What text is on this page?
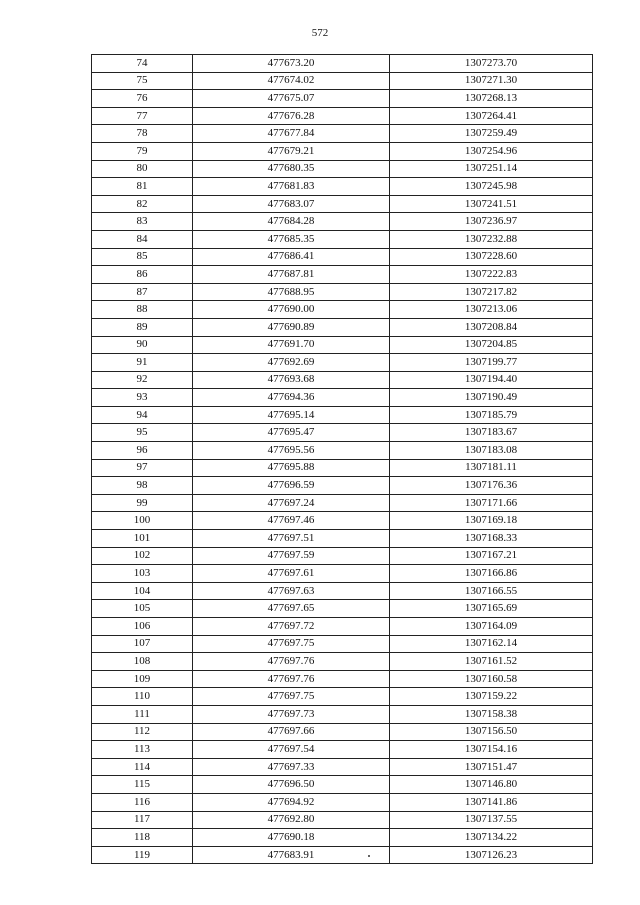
572
74	477673.20	1307273.70
75	477674.02	1307271.30
76	477675.07	1307268.13
77	477676.28	1307264.41
78	477677.84	1307259.49
79	477679.21	1307254.96
80	477680.35	1307251.14
81	477681.83	1307245.98
82	477683.07	1307241.51
83	477684.28	1307236.97
84	477685.35	1307232.88
85	477686.41	1307228.60
86	477687.81	1307222.83
87	477688.95	1307217.82
88	477690.00	1307213.06
89	477690.89	1307208.84
90	477691.70	1307204.85
91	477692.69	1307199.77
92	477693.68	1307194.40
93	477694.36	1307190.49
94	477695.14	1307185.79
95	477695.47	1307183.67
96	477695.56	1307183.08
97	477695.88	1307181.11
98	477696.59	1307176.36
99	477697.24	1307171.66
100	477697.46	1307169.18
101	477697.51	1307168.33
102	477697.59	1307167.21
103	477697.61	1307166.86
104	477697.63	1307166.55
105	477697.65	1307165.69
106	477697.72	1307164.09
107	477697.75	1307162.14
108	477697.76	1307161.52
109	477697.76	1307160.58
110	477697.75	1307159.22
111	477697.73	1307158.38
112	477697.66	1307156.50
113	477697.54	1307154.16
114	477697.33	1307151.47
115	477696.50	1307146.80
116	477694.92	1307141.86
117	477692.80	1307137.55
118	477690.18	1307134.22
119	477683.91	1307126.23
